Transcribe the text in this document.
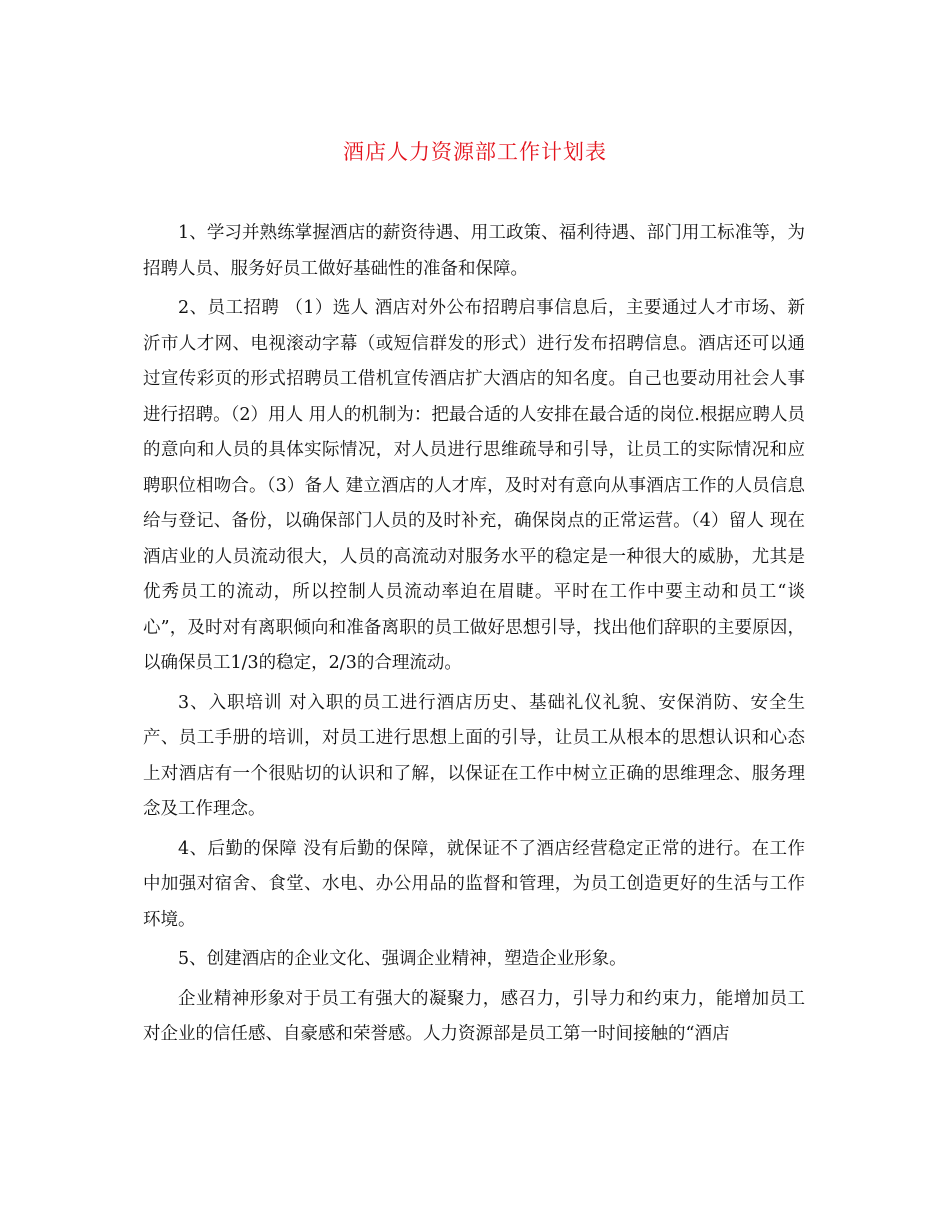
酒店人力资源部工作计划表

1、学习并熟练掌握酒店的薪资待遇、用工政策、福利待遇、部门用工标准等，为招聘人员、服务好员工做好基础性的准备和保障。

2、员工招聘 （1）选人 酒店对外公布招聘启事信息后，主要通过人才市场、新沂市人才网、电视滚动字幕（或短信群发的形式）进行发布招聘信息。酒店还可以通过宣传彩页的形式招聘员工借机宣传酒店扩大酒店的知名度。自己也要动用社会人事进行招聘。（2）用人 用人的机制为：把最合适的人安排在最合适的岗位.根据应聘人员的意向和人员的具体实际情况，对人员进行思维疏导和引导，让员工的实际情况和应聘职位相吻合。（3）备人 建立酒店的人才库，及时对有意向从事酒店工作的人员信息给与登记、备份，以确保部门人员的及时补充，确保岗点的正常运营。（4）留人 现在酒店业的人员流动很大，人员的高流动对服务水平的稳定是一种很大的威胁，尤其是优秀员工的流动，所以控制人员流动率迫在眉睫。平时在工作中要主动和员工“谈心”，及时对有离职倾向和准备离职的员工做好思想引导，找出他们辞职的主要原因，以确保员工1/3的稳定，2/3的合理流动。

3、入职培训 对入职的员工进行酒店历史、基础礼仪礼貌、安保消防、安全生产、员工手册的培训，对员工进行思想上面的引导，让员工从根本的思想认识和心态上对酒店有一个很贴切的认识和了解，以保证在工作中树立正确的思维理念、服务理念及工作理念。

4、后勤的保障 没有后勤的保障，就保证不了酒店经营稳定正常的进行。在工作中加强对宿舍、食堂、水电、办公用品的监督和管理，为员工创造更好的生活与工作环境。

5、创建酒店的企业文化、强调企业精神，塑造企业形象。

企业精神形象对于员工有强大的凝聚力，感召力，引导力和约束力，能增加员工对企业的信任感、自豪感和荣誉感。人力资源部是员工第一时间接触的“酒店
